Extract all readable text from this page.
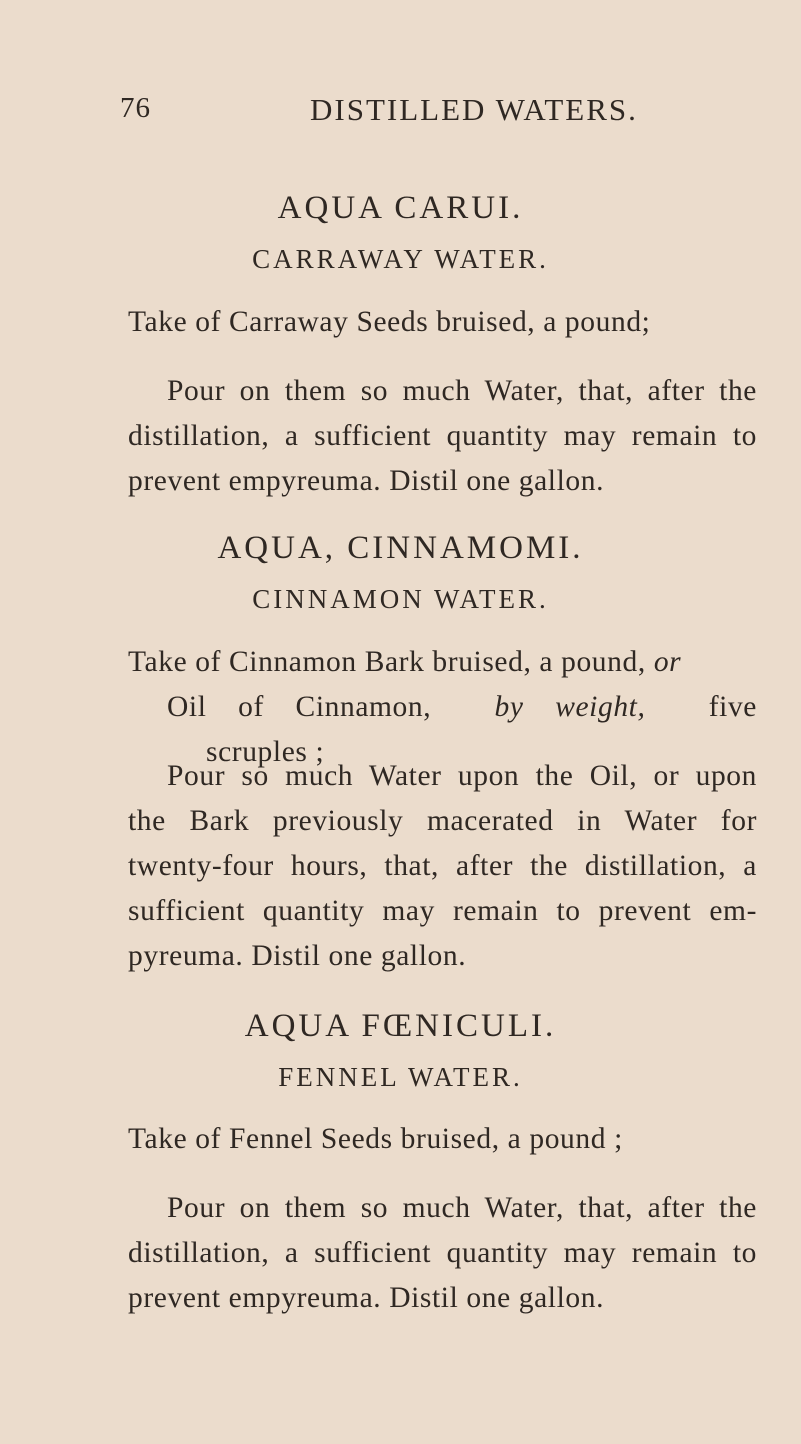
76	DISTILLED WATERS.
AQUA CARUI.
CARRAWAY WATER.
Take of Carraway Seeds bruised, a pound;
Pour on them so much Water, that, after the
distillation, a sufficient quantity may remain to
prevent empyreuma. Distil one gallon.
AQUA, CINNAMOMI.
CINNAMON WATER.
Take of Cinnamon Bark bruised, a pound, or
Oil of Cinnamon, by weight, five
scruples ;
Pour so much Water upon the Oil, or upon
the Bark previously macerated in Water for
twenty-four hours, that, after the distillation, a
sufficient quantity may remain to prevent em-
pyreuma. Distil one gallon.
AQUA FŒNICULI.
FENNEL WATER.
Take of Fennel Seeds bruised, a pound ;
Pour on them so much Water, that, after the
distillation, a sufficient quantity may remain to
prevent empyreuma. Distil one gallon.
